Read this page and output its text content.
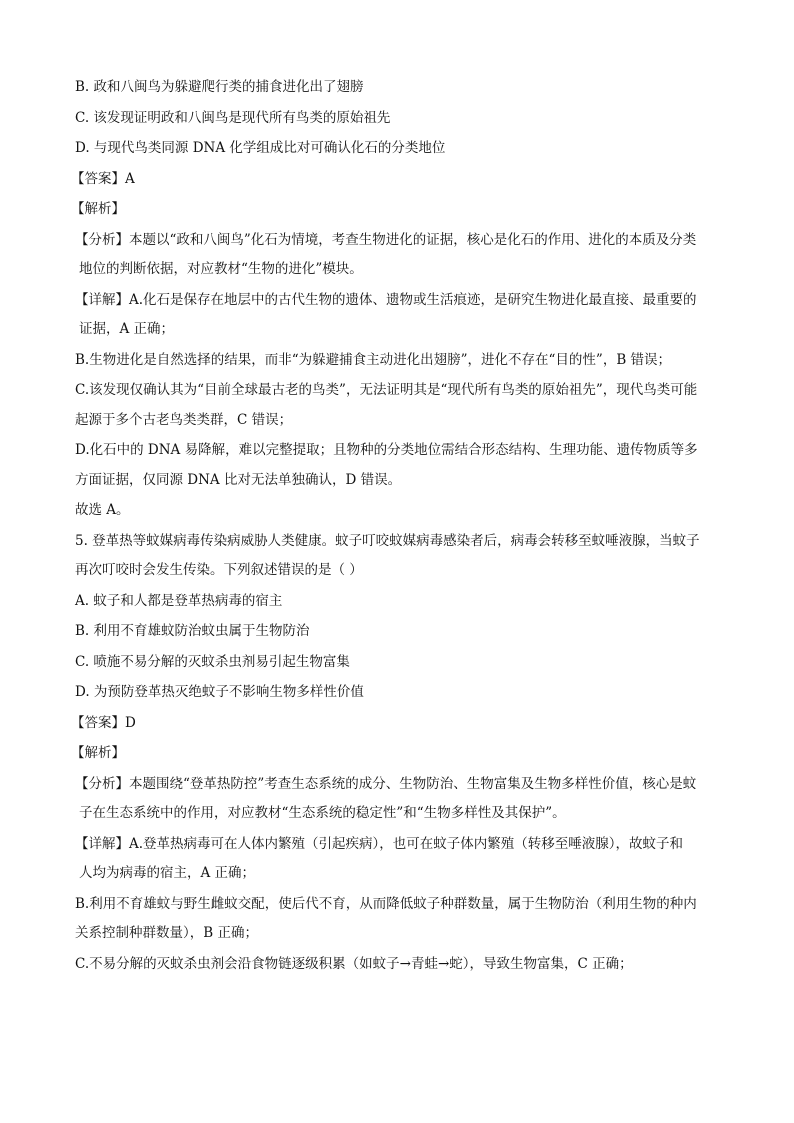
B. 政和八闽鸟为躲避爬行类的捕食进化出了翅膀
C. 该发现证明政和八闽鸟是现代所有鸟类的原始祖先
D. 与现代鸟类同源 DNA 化学组成比对可确认化石的分类地位
【答案】A
【解析】
【分析】本题以“政和八闽鸟”化石为情境，考查生物进化的证据，核心是化石的作用、进化的本质及分类
地位的判断依据，对应教材“生物的进化”模块。
【详解】A.化石是保存在地层中的古代生物的遗体、遗物或生活痕迹，是研究生物进化最直接、最重要的
证据，A 正确；
B.生物进化是自然选择的结果，而非“为躲避捕食主动进化出翅膀”，进化不存在“目的性”，B 错误；
C.该发现仅确认其为“目前全球最古老的鸟类”，无法证明其是“现代所有鸟类的原始祖先”，现代鸟类可能
起源于多个古老鸟类类群，C 错误；
D.化石中的 DNA 易降解，难以完整提取；且物种的分类地位需结合形态结构、生理功能、遗传物质等多
方面证据，仅同源 DNA 比对无法单独确认，D 错误。
故选 A。
5. 登革热等蚊媒病毒传染病威胁人类健康。蚊子叮咬蚊媒病毒感染者后，病毒会转移至蚊唾液腺，当蚊子
再次叮咬时会发生传染。下列叙述错误的是（ ）
A. 蚊子和人都是登革热病毒的宿主
B. 利用不育雄蚊防治蚊虫属于生物防治
C. 喷施不易分解的灭蚊杀虫剂易引起生物富集
D. 为预防登革热灭绝蚊子不影响生物多样性价值
【答案】D
【解析】
【分析】本题围绕“登革热防控”考查生态系统的成分、生物防治、生物富集及生物多样性价值，核心是蚊
子在生态系统中的作用，对应教材“生态系统的稳定性”和“生物多样性及其保护”。
【详解】A.登革热病毒可在人体内繁殖（引起疾病），也可在蚊子体内繁殖（转移至唾液腺），故蚊子和
人均为病毒的宿主，A 正确；
B.利用不育雄蚊与野生雌蚊交配，使后代不育，从而降低蚊子种群数量，属于生物防治（利用生物的种内
关系控制种群数量），B 正确；
C.不易分解的灭蚊杀虫剂会沿食物链逐级积累（如蚊子→青蛙→蛇），导致生物富集，C 正确；
